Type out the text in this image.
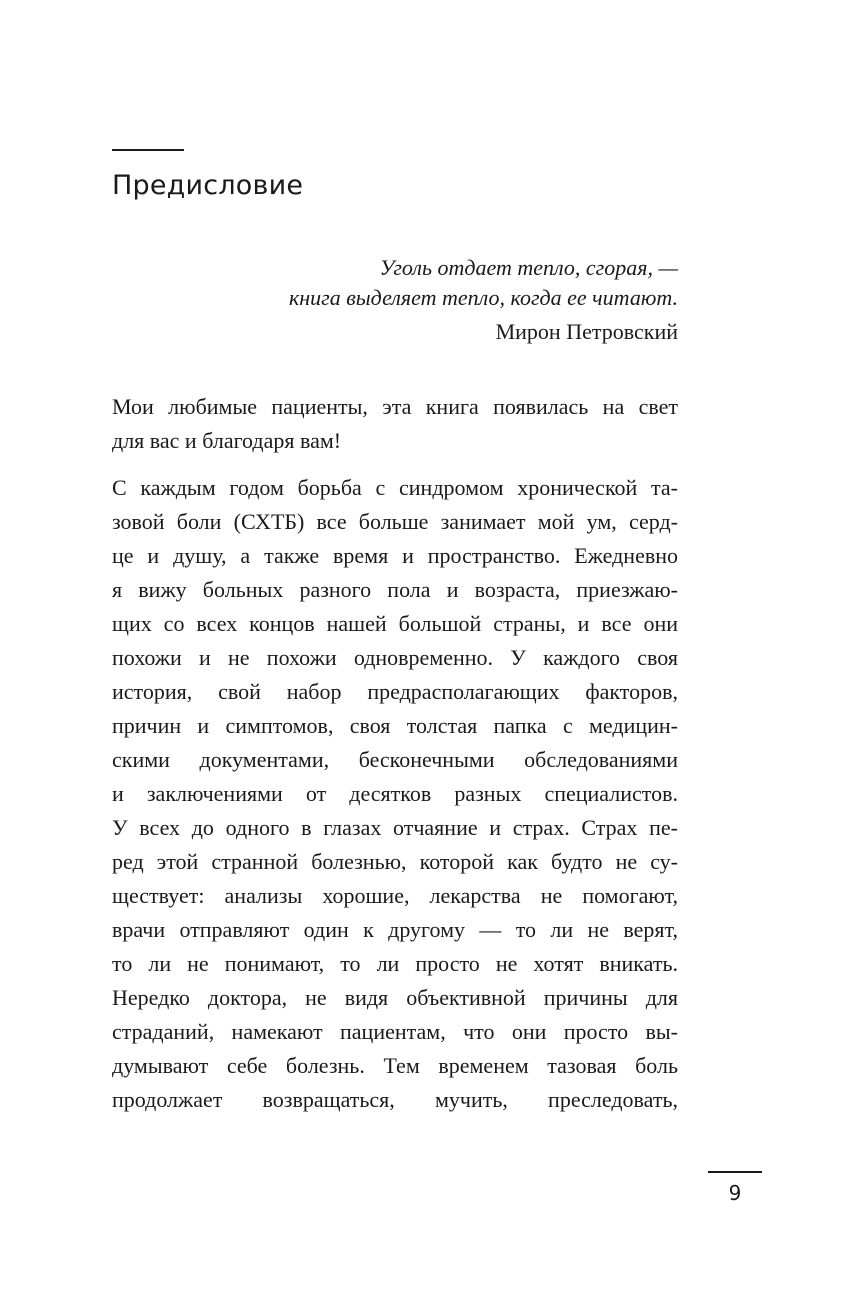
Предисловие
Уголь отдает тепло, сгорая, —
книга выделяет тепло, когда ее читают.
Мирон Петровский

Мои любимые пациенты, эта книга появилась на свет
для вас и благодаря вам!

С каждым годом борьба с синдромом хронической та-
зовой боли (СХТБ) все больше занимает мой ум, серд-
це и душу, а также время и пространство. Ежедневно
я вижу больных разного пола и возраста, приезжаю-
щих со всех концов нашей большой страны, и все они
похожи и не похожи одновременно. У каждого своя
история, свой набор предрасполагающих факторов,
причин и симптомов, своя толстая папка с медицин-
скими документами, бесконечными обследованиями
и заключениями от десятков разных специалистов.
У всех до одного в глазах отчаяние и страх. Страх пе-
ред этой странной болезнью, которой как будто не су-
ществует: анализы хорошие, лекарства не помогают,
врачи отправляют один к другому — то ли не верят,
то ли не понимают, то ли просто не хотят вникать.
Нередко доктора, не видя объективной причины для
страданий, намекают пациентам, что они просто вы-
думывают себе болезнь. Тем временем тазовая боль
продолжает возвращаться, мучить, преследовать,

9
